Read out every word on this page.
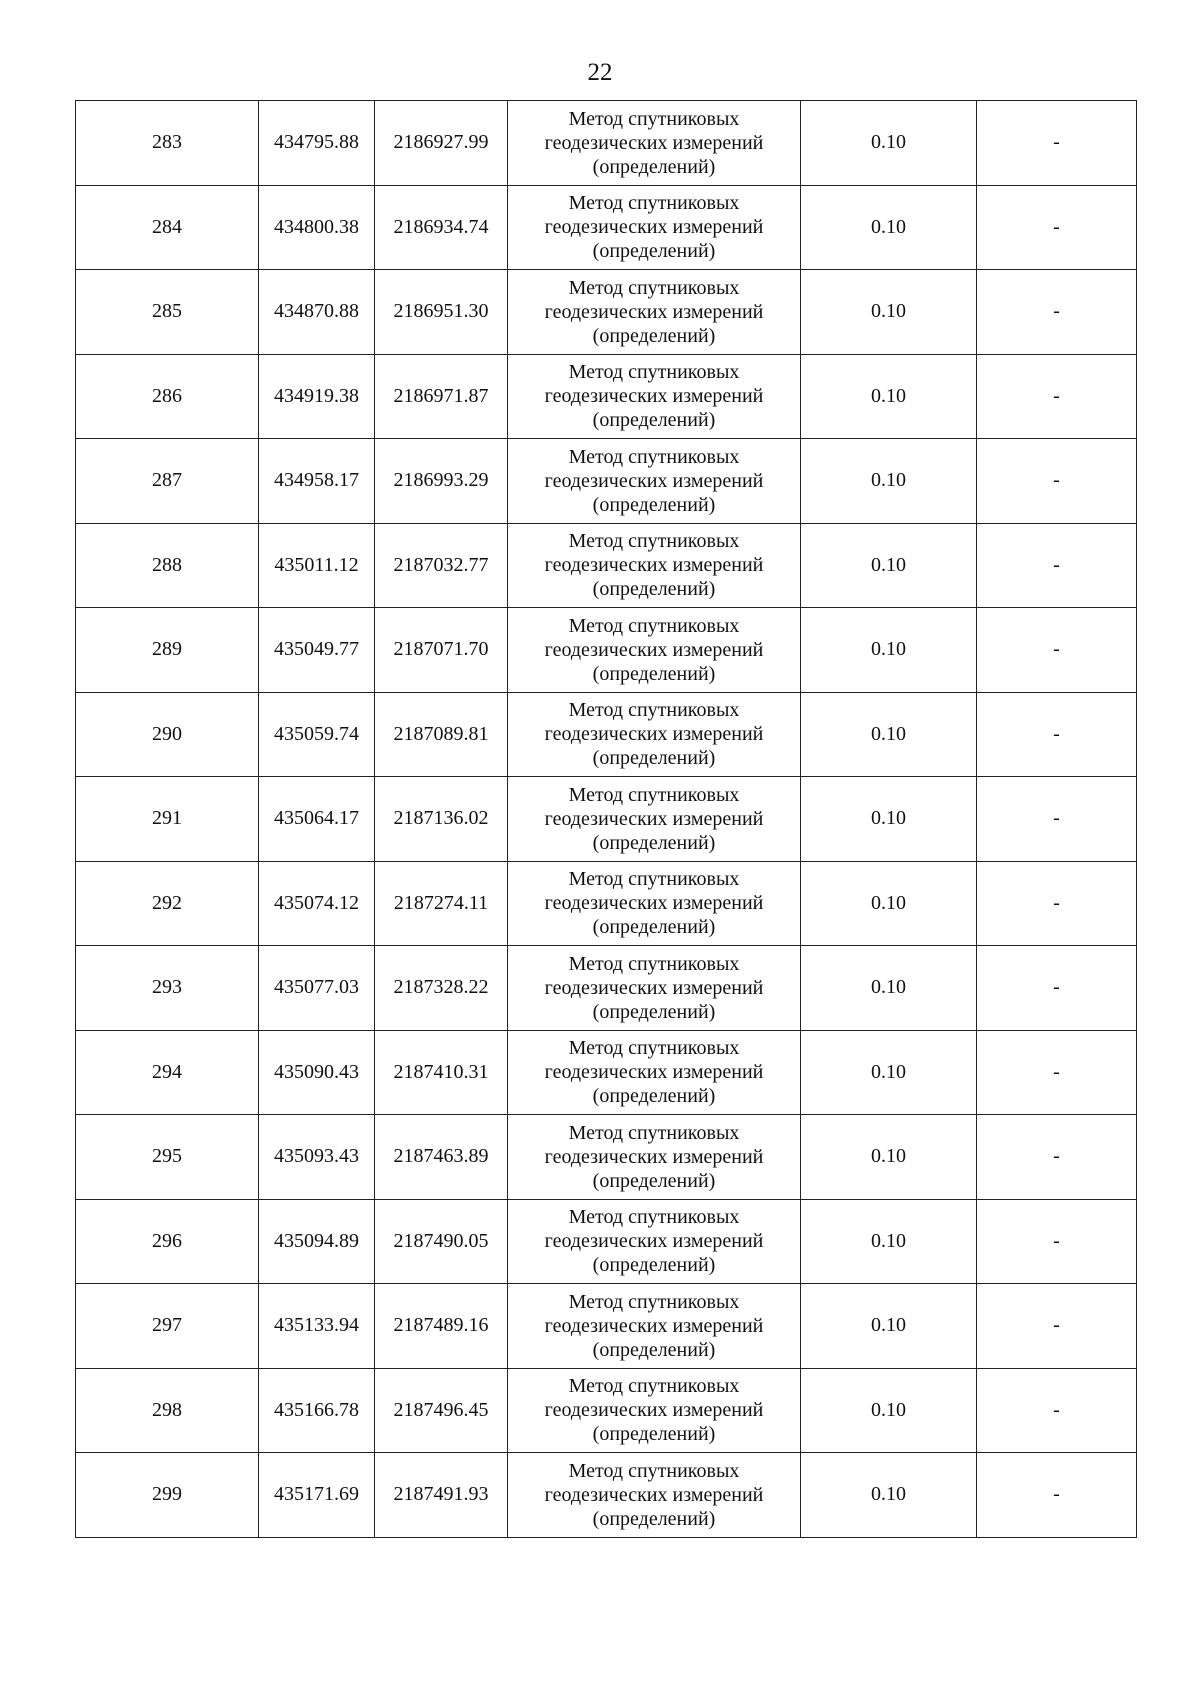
22
283	434795.88	2186927.99	Метод спутниковых
геодезических измерений
(определений)	0.10	-
284	434800.38	2186934.74	Метод спутниковых
геодезических измерений
(определений)	0.10	-
285	434870.88	2186951.30	Метод спутниковых
геодезических измерений
(определений)	0.10	-
286	434919.38	2186971.87	Метод спутниковых
геодезических измерений
(определений)	0.10	-
287	434958.17	2186993.29	Метод спутниковых
геодезических измерений
(определений)	0.10	-
288	435011.12	2187032.77	Метод спутниковых
геодезических измерений
(определений)	0.10	-
289	435049.77	2187071.70	Метод спутниковых
геодезических измерений
(определений)	0.10	-
290	435059.74	2187089.81	Метод спутниковых
геодезических измерений
(определений)	0.10	-
291	435064.17	2187136.02	Метод спутниковых
геодезических измерений
(определений)	0.10	-
292	435074.12	2187274.11	Метод спутниковых
геодезических измерений
(определений)	0.10	-
293	435077.03	2187328.22	Метод спутниковых
геодезических измерений
(определений)	0.10	-
294	435090.43	2187410.31	Метод спутниковых
геодезических измерений
(определений)	0.10	-
295	435093.43	2187463.89	Метод спутниковых
геодезических измерений
(определений)	0.10	-
296	435094.89	2187490.05	Метод спутниковых
геодезических измерений
(определений)	0.10	-
297	435133.94	2187489.16	Метод спутниковых
геодезических измерений
(определений)	0.10	-
298	435166.78	2187496.45	Метод спутниковых
геодезических измерений
(определений)	0.10	-
299	435171.69	2187491.93	Метод спутниковых
геодезических измерений
(определений)	0.10	-
